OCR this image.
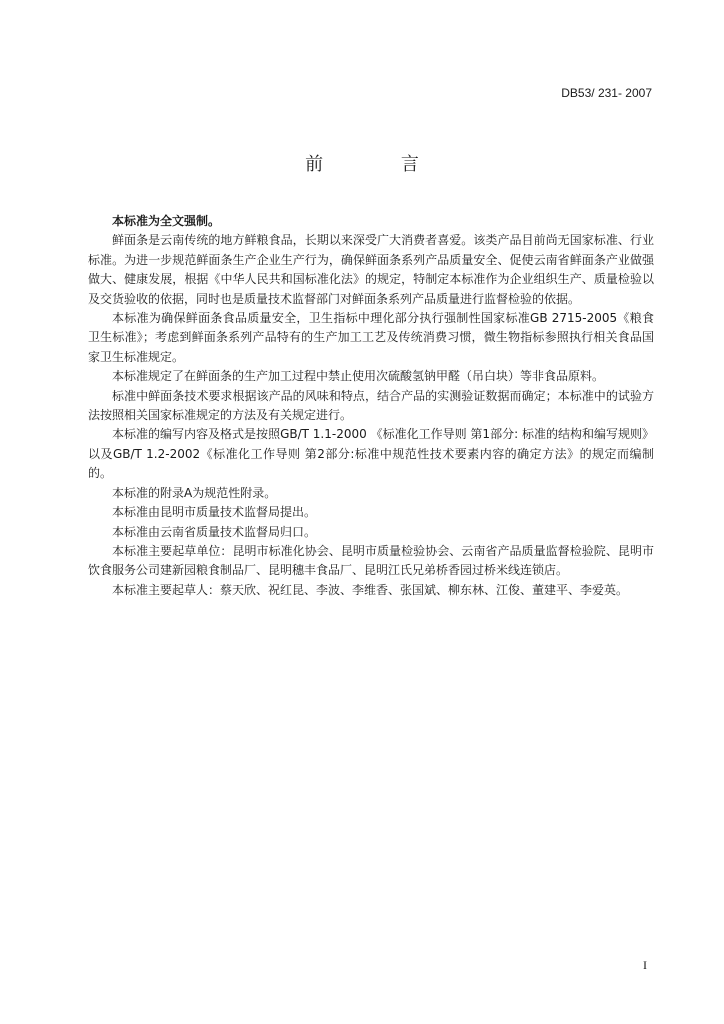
DB53/ 231- 2007
前 言

本标准为全文强制。

鲜面条是云南传统的地方鲜粮食品，长期以来深受广大消费者喜爱。该类产品目前尚无国家标准、行业标准。为进一步规范鲜面条生产企业生产行为，确保鲜面条系列产品质量安全、促使云南省鲜面条产业做强做大、健康发展，根据《中华人民共和国标准化法》的规定，特制定本标准作为企业组织生产、质量检验以及交货验收的依据，同时也是质量技术监督部门对鲜面条系列产品质量进行监督检验的依据。

本标准为确保鲜面条食品质量安全，卫生指标中理化部分执行强制性国家标准GB 2715-2005《粮食卫生标准》；考虑到鲜面条系列产品特有的生产加工工艺及传统消费习惯，微生物指标参照执行相关食品国家卫生标准规定。

本标准规定了在鲜面条的生产加工过程中禁止使用次硫酸氢钠甲醛（吊白块）等非食品原料。

标准中鲜面条技术要求根据该产品的风味和特点，结合产品的实测验证数据而确定；本标准中的试验方法按照相关国家标准规定的方法及有关规定进行。

本标准的编写内容及格式是按照GB/T 1.1-2000 《标准化工作导则 第1部分: 标准的结构和编写规则》以及GB/T 1.2-2002《标准化工作导则 第2部分:标准中规范性技术要素内容的确定方法》的规定而编制的。

本标准的附录A为规范性附录。

本标准由昆明市质量技术监督局提出。

本标准由云南省质量技术监督局归口。

本标准主要起草单位：昆明市标准化协会、昆明市质量检验协会、云南省产品质量监督检验院、昆明市饮食服务公司建新园粮食制品厂、昆明穗丰食品厂、昆明江氏兄弟桥香园过桥米线连锁店。

本标准主要起草人：蔡天欣、祝红昆、李波、李维香、张国斌、柳东林、江俊、董建平、李爱英。

I
